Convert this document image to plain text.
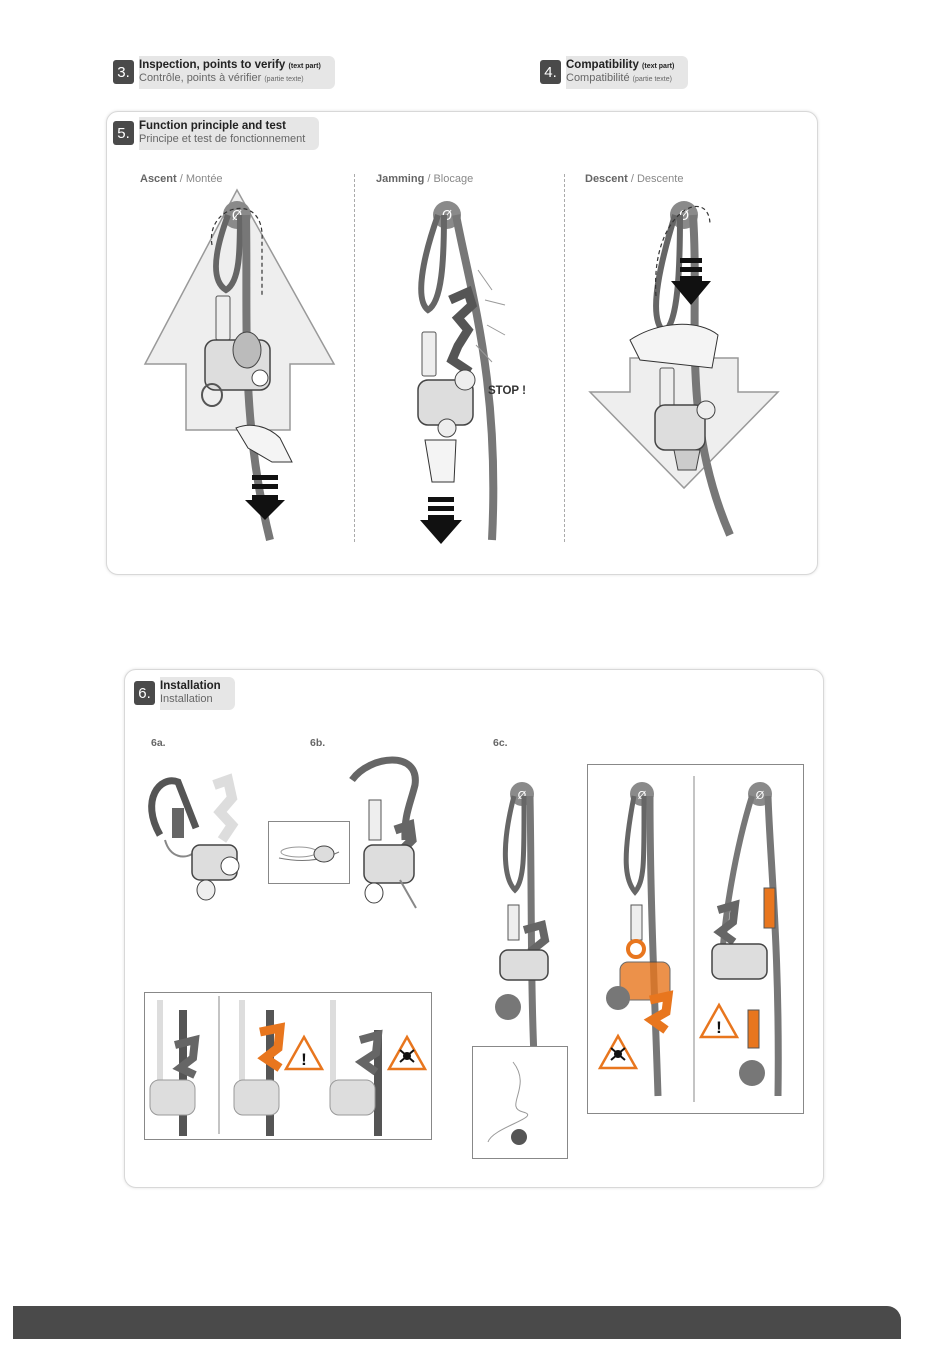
3. Inspection, points to verify (text part)
Contrôle, points à vérifier (partie texte)	4. Compatibility (text part)
Compatibilité (partie texte)
5. Function principle and test
Principe et test de fonctionnement
Ascent / Montée	Jamming / Blocage	Descent / Descente
Ø	Ø
STOP !
Ø
6. Installation
Installation
6a.	6b.	6c.
!
Ø	Ø	Ø
!
